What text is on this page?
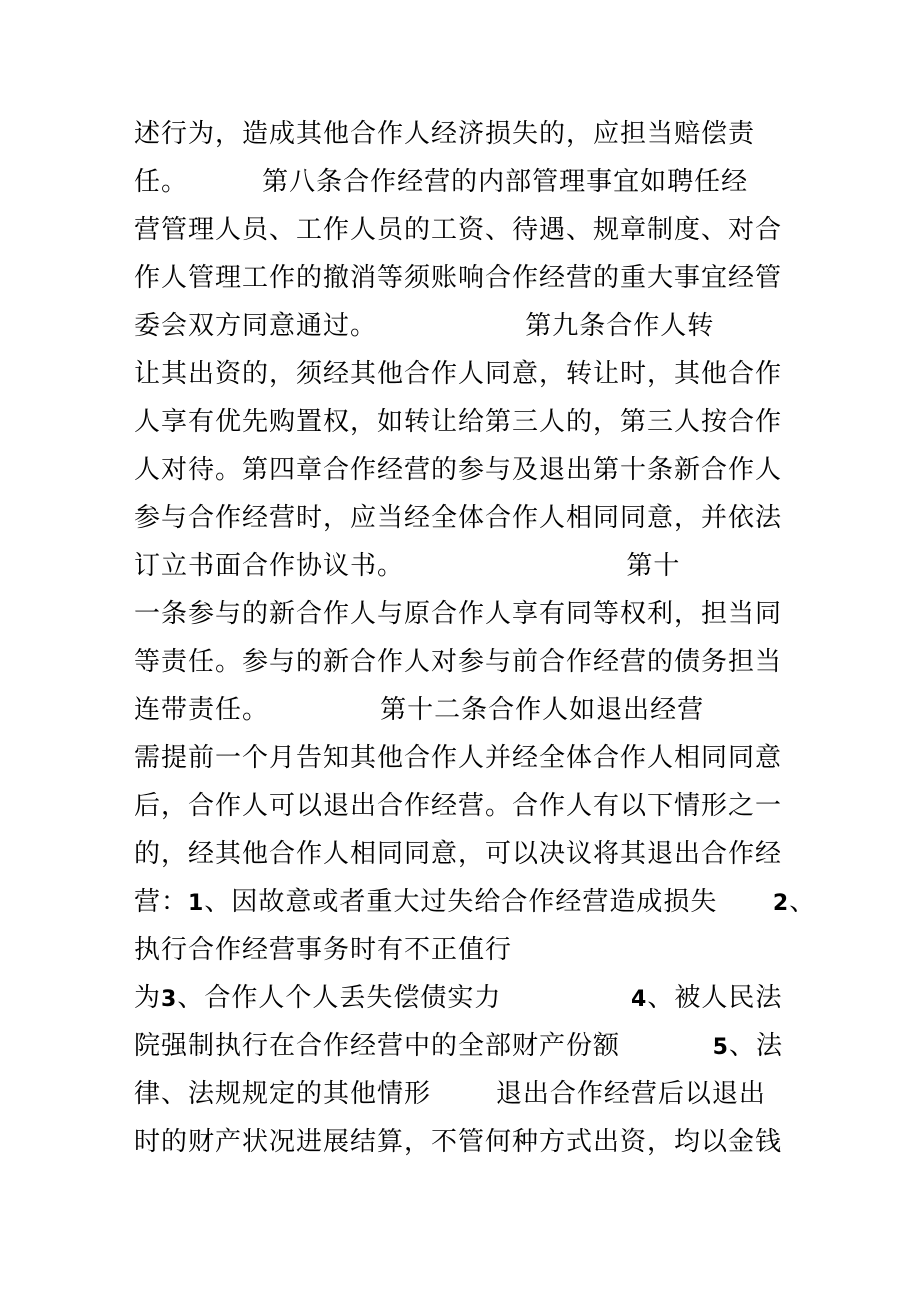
述行为，造成其他合作人经济损失的，应担当赔偿责
任。        第八条合作经营的内部管理事宜如聘任经
营管理人员、工作人员的工资、待遇、规章制度、对合
作人管理工作的撤消等须账响合作经营的重大事宜经管
委会双方同意通过。                第九条合作人转
让其出资的，须经其他合作人同意，转让时，其他合作
人享有优先购置权，如转让给第三人的，第三人按合作
人对待。第四章合作经营的参与及退出第十条新合作人
参与合作经营时，应当经全体合作人相同同意，并依法
订立书面合作协议书。                        第十
一条参与的新合作人与原合作人享有同等权利，担当同
等责任。参与的新合作人对参与前合作经营的债务担当
连带责任。            第十二条合作人如退出经营
需提前一个月告知其他合作人并经全体合作人相同同意
后，合作人可以退出合作经营。合作人有以下情形之一
的，经其他合作人相同同意，可以决议将其退出合作经
营：1、因故意或者重大过失给合作经营造成损失      2、
执行合作经营事务时有不正值行
为3、合作人个人丢失偿债实力              4、被人民法
院强制执行在合作经营中的全部财产份额          5、法
律、法规规定的其他情形       退出合作经营后以退出
时的财产状况进展结算，不管何种方式出资，均以金钱
